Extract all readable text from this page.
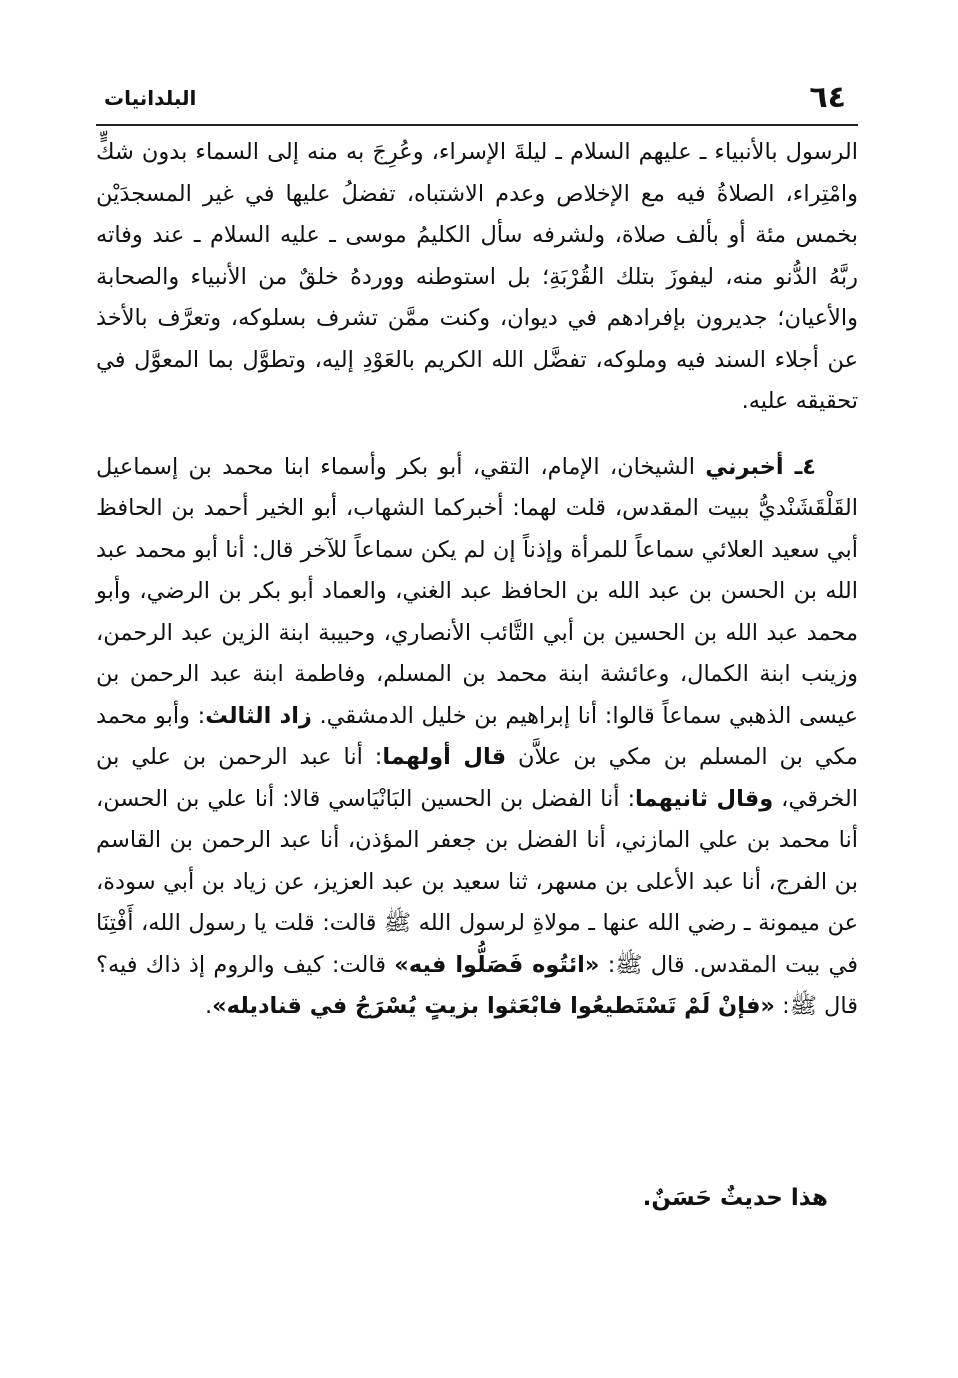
٦٤
البلدانيات

الرسول بالأنبياء ـ عليهم السلام ـ ليلةَ الإسراء، وعُرِجَ به منه إلى السماء بدون شكٍّ وامْتِراء، الصلاةُ فيه مع الإخلاص وعدم الاشتباه، تفضلُ عليها في غير المسجدَيْن بخمس مئة أو بألف صلاة، ولشرفه سأل الكليمُ موسى ـ عليه السلام ـ عند وفاته ربَّهُ الدُّنو منه، ليفوزَ بتلك القُرْبَةِ؛ بل استوطنه ووردهُ خلقٌ من الأنبياء والصحابة والأعيان؛ جديرون بإفرادهم في ديوان، وكنت ممَّن تشرف بسلوكه، وتعرَّف بالأخذ عن أجلاء السند فيه وملوكه، تفضَّل الله الكريم بالعَوْدِ إليه، وتطوَّل بما المعوَّل في تحقيقه عليه.

٤ـ أخبرني الشيخان، الإمام، التقي، أبو بكر وأسماء ابنا محمد بن إسماعيل القَلْقَشَنْديُّ ببيت المقدس، قلت لهما: أخبركما الشهاب، أبو الخير أحمد بن الحافظ أبي سعيد العلائي سماعاً للمرأة وإذناً إن لم يكن سماعاً للآخر قال: أنا أبو محمد عبد الله بن الحسن بن عبد الله بن الحافظ عبد الغني، والعماد أبو بكر بن الرضي، وأبو محمد عبد الله بن الحسين بن أبي التَّائب الأنصاري، وحبيبة ابنة الزين عبد الرحمن، وزينب ابنة الكمال، وعائشة ابنة محمد بن المسلم، وفاطمة ابنة عبد الرحمن بن عيسى الذهبي سماعاً قالوا: أنا إبراهيم بن خليل الدمشقي. زاد الثالث: وأبو محمد مكي بن المسلم بن مكي بن علاَّن قال أولهما: أنا عبد الرحمن بن علي بن الخرقي، وقال ثانيهما: أنا الفضل بن الحسين البَانْيَاسي قالا: أنا علي بن الحسن، أنا محمد بن علي المازني، أنا الفضل بن جعفر المؤذن، أنا عبد الرحمن بن القاسم بن الفرج، أنا عبد الأعلى بن مسهر، ثنا سعيد بن عبد العزيز، عن زياد بن أبي سودة، عن ميمونة ـ رضي الله عنها ـ مولاةِ لرسول الله ﷺ قالت: قلت يا رسول الله، أَفْتِنَا في بيت المقدس. قال ﷺ: «ائتُوه فَصَلُّوا فيه» قالت: كيف والروم إذ ذاك فيه؟ قال ﷺ: «فإنْ لَمْ تَسْتَطيعُوا فابْعَثوا بزيتٍ يُسْرَجُ في قناديله».

هذا حديثٌ حَسَنٌ.
